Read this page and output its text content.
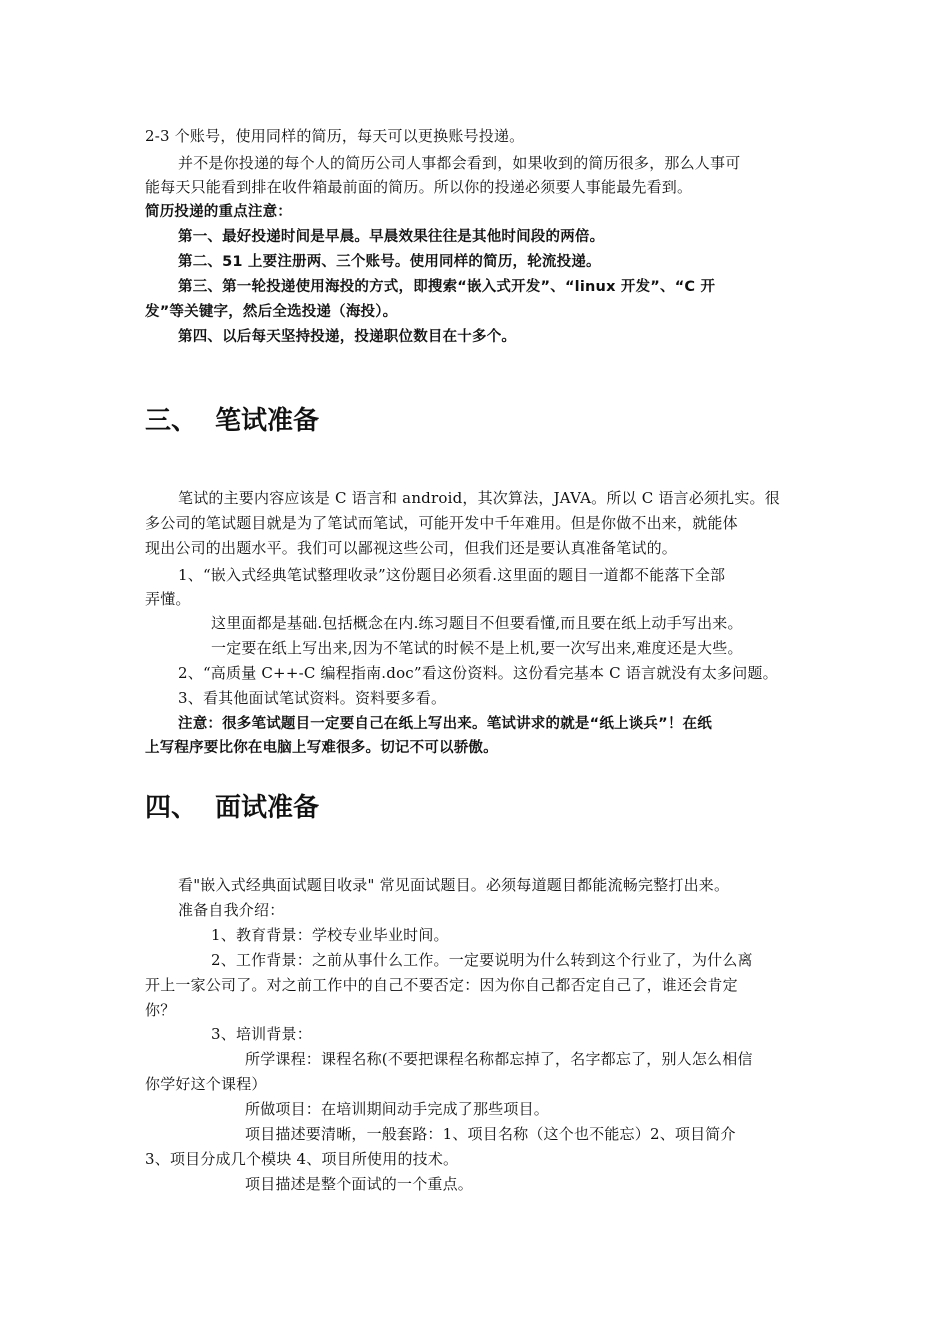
2-3 个账号，使用同样的简历，每天可以更换账号投递。
并不是你投递的每个人的简历公司人事都会看到，如果收到的简历很多，那么人事可
能每天只能看到排在收件箱最前面的简历。所以你的投递必须要人事能最先看到。
简历投递的重点注意：
第一、最好投递时间是早晨。早晨效果往往是其他时间段的两倍。
第二、51 上要注册两、三个账号。使用同样的简历，轮流投递。
第三、第一轮投递使用海投的方式，即搜索“嵌入式开发”、“linux 开发”、“C 开
发”等关键字，然后全选投递（海投）。
第四、以后每天坚持投递，投递职位数目在十多个。
三、 笔试准备
笔试的主要内容应该是 C 语言和 android，其次算法，JAVA。所以 C 语言必须扎实。很
多公司的笔试题目就是为了笔试而笔试，可能开发中千年难用。但是你做不出来，就能体
现出公司的出题水平。我们可以鄙视这些公司，但我们还是要认真准备笔试的。
1、“嵌入式经典笔试整理收录”这份题目必须看.这里面的题目一道都不能落下全部
弄懂。
这里面都是基础.包括概念在内.练习题目不但要看懂,而且要在纸上动手写出来。
一定要在纸上写出来,因为不笔试的时候不是上机,要一次写出来,难度还是大些。
2、“高质量 C++-C 编程指南.doc”看这份资料。这份看完基本 C 语言就没有太多问题。
3、看其他面试笔试资料。资料要多看。
注意：很多笔试题目一定要自己在纸上写出来。笔试讲求的就是“纸上谈兵”！在纸
上写程序要比你在电脑上写难很多。切记不可以骄傲。
四、 面试准备
看"嵌入式经典面试题目收录" 常见面试题目。必须每道题目都能流畅完整打出来。
准备自我介绍：
1、教育背景：学校专业毕业时间。
2、工作背景：之前从事什么工作。一定要说明为什么转到这个行业了，为什么离
开上一家公司了。对之前工作中的自己不要否定：因为你自己都否定自己了，谁还会肯定
你？
3、培训背景：
所学课程：课程名称(不要把课程名称都忘掉了，名字都忘了，别人怎么相信
你学好这个课程）
所做项目：在培训期间动手完成了那些项目。
项目描述要清晰，一般套路：1、项目名称（这个也不能忘）2、项目简介
3、项目分成几个模块 4、项目所使用的技术。
项目描述是整个面试的一个重点。
